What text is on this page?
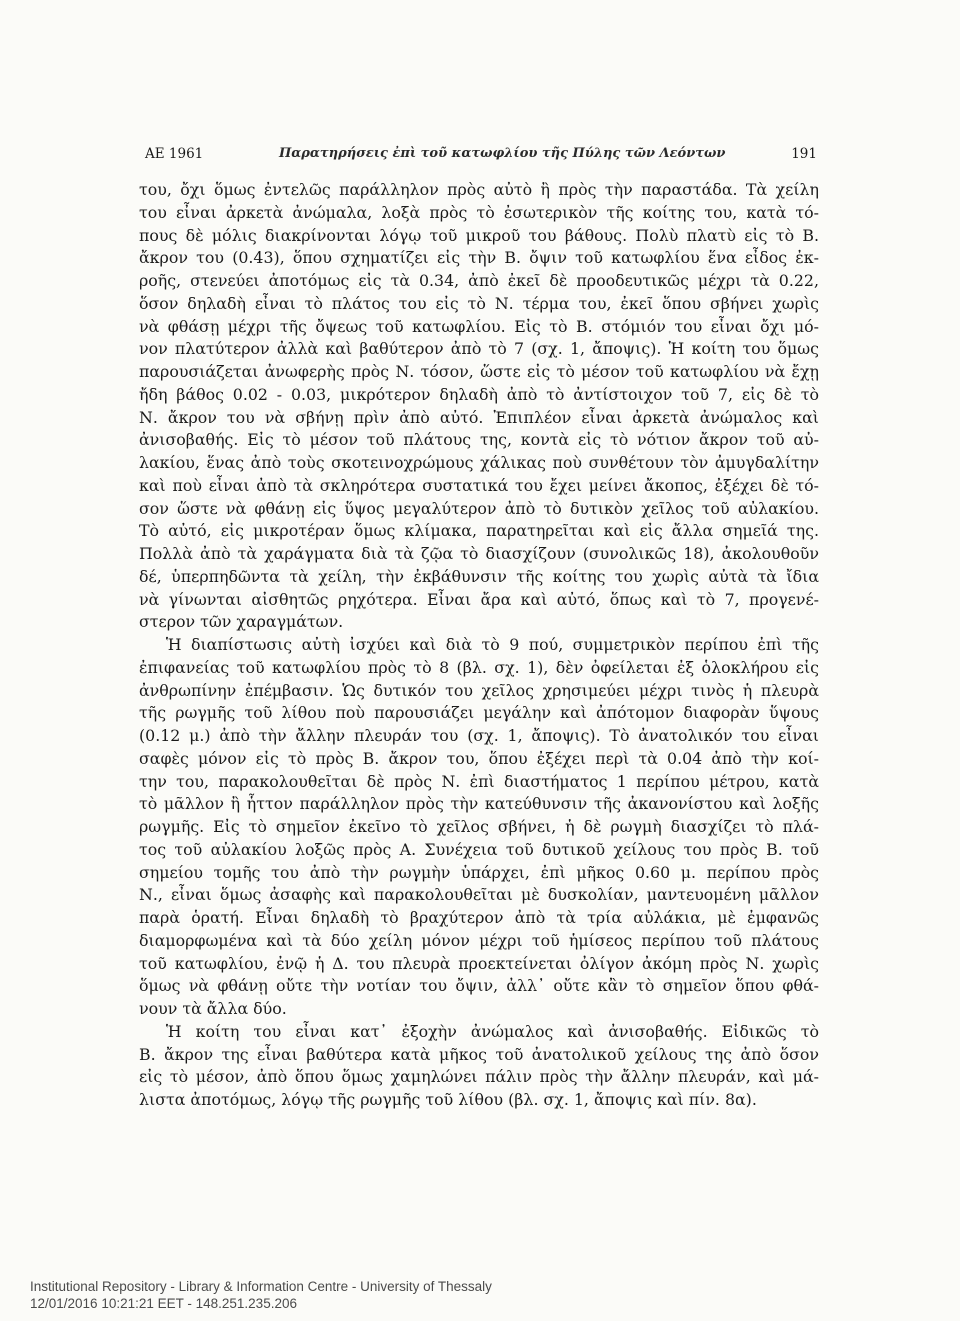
AE 1961	Παρατηρήσεις ἐπὶ τοῦ κατωφλίου τῆς Πύλης τῶν Λεόντων	191
του, ὄχι ὅμως ἐντελῶς παράλληλον πρὸς αὐτὸ ἢ πρὸς τὴν παραστάδα. Τὰ χείλη
του εἶναι ἀρκετὰ ἀνώμαλα, λοξὰ πρὸς τὸ ἐσωτερικὸν τῆς κοίτης του, κατὰ τό-
πους δὲ μόλις διακρίνονται λόγῳ τοῦ μικροῦ του βάθους. Πολὺ πλατὺ εἰς τὸ Β.
ἄκρον του (0.43), ὅπου σχηματίζει εἰς τὴν Β. ὄψιν τοῦ κατωφλίου ἕνα εἶδος ἐκ-
ροῆς, στενεύει ἀποτόμως εἰς τὰ 0.34, ἀπὸ ἐκεῖ δὲ προοδευτικῶς μέχρι τὰ 0.22,
ὅσον δηλαδὴ εἶναι τὸ πλάτος του εἰς τὸ Ν. τέρμα του, ἐκεῖ ὅπου σβήνει χωρὶς
νὰ φθάσῃ μέχρι τῆς ὄψεως τοῦ κατωφλίου. Εἰς τὸ Β. στόμιόν του εἶναι ὄχι μό-
νον πλατύτερον ἀλλὰ καὶ βαθύτερον ἀπὸ τὸ 7 (σχ. 1, ἄποψις). Ἡ κοίτη του ὅμως
παρουσιάζεται ἀνωφερὴς πρὸς Ν. τόσον, ὥστε εἰς τὸ μέσον τοῦ κατωφλίου νὰ ἔχῃ
ἤδη βάθος 0.02 - 0.03, μικρότερον δηλαδὴ ἀπὸ τὸ ἀντίστοιχον τοῦ 7, εἰς δὲ τὸ
Ν. ἄκρον του νὰ σβήνῃ πρὶν ἀπὸ αὐτό. Ἐπιπλέον εἶναι ἀρκετὰ ἀνώμαλος καὶ
ἀνισοβαθής. Εἰς τὸ μέσον τοῦ πλάτους της, κοντὰ εἰς τὸ νότιον ἄκρον τοῦ αὐ-
λακίου, ἕνας ἀπὸ τοὺς σκοτεινοχρώμους χάλικας ποὺ συνθέτουν τὸν ἀμυγδαλίτην
καὶ ποὺ εἶναι ἀπὸ τὰ σκληρότερα συστατικά του ἔχει μείνει ἄκοπος, ἐξέχει δὲ τό-
σον ὥστε νὰ φθάνῃ εἰς ὕψος μεγαλύτερον ἀπὸ τὸ δυτικὸν χεῖλος τοῦ αὐλακίου.
Τὸ αὐτό, εἰς μικροτέραν ὅμως κλίμακα, παρατηρεῖται καὶ εἰς ἄλλα σημεῖά της.
Πολλὰ ἀπὸ τὰ χαράγματα διὰ τὰ ζῷα τὸ διασχίζουν (συνολικῶς 18), ἀκολουθοῦν
δέ, ὑπερπηδῶντα τὰ χείλη, τὴν ἐκβάθυνσιν τῆς κοίτης του χωρὶς αὐτὰ τὰ ἴδια
νὰ γίνωνται αἰσθητῶς ρηχότερα. Εἶναι ἄρα καὶ αὐτό, ὅπως καὶ τὸ 7, προγενέ-
στερον τῶν χαραγμάτων.
Ἡ διαπίστωσις αὐτὴ ἰσχύει καὶ διὰ τὸ 9 πού, συμμετρικὸν περίπου ἐπὶ τῆς
ἐπιφανείας τοῦ κατωφλίου πρὸς τὸ 8 (βλ. σχ. 1), δὲν ὀφείλεται ἐξ ὁλοκλήρου εἰς
ἀνθρωπίνην ἐπέμβασιν. Ὡς δυτικόν του χεῖλος χρησιμεύει μέχρι τινὸς ἡ πλευρὰ
τῆς ρωγμῆς τοῦ λίθου ποὺ παρουσιάζει μεγάλην καὶ ἀπότομον διαφορὰν ὕψους
(0.12 μ.) ἀπὸ τὴν ἄλλην πλευράν του (σχ. 1, ἄποψις). Τὸ ἀνατολικόν του εἶναι
σαφὲς μόνον εἰς τὸ πρὸς Β. ἄκρον του, ὅπου ἐξέχει περὶ τὰ 0.04 ἀπὸ τὴν κοί-
την του, παρακολουθεῖται δὲ πρὸς Ν. ἐπὶ διαστήματος 1 περίπου μέτρου, κατὰ
τὸ μᾶλλον ἢ ἧττον παράλληλον πρὸς τὴν κατεύθυνσιν τῆς ἀκανονίστου καὶ λοξῆς
ρωγμῆς. Εἰς τὸ σημεῖον ἐκεῖνο τὸ χεῖλος σβήνει, ἡ δὲ ρωγμὴ διασχίζει τὸ πλά-
τος τοῦ αὐλακίου λοξῶς πρὸς Α. Συνέχεια τοῦ δυτικοῦ χείλους του πρὸς Β. τοῦ
σημείου τομῆς του ἀπὸ τὴν ρωγμὴν ὑπάρχει, ἐπὶ μῆκος 0.60 μ. περίπου πρὸς
Ν., εἶναι ὅμως ἀσαφὴς καὶ παρακολουθεῖται μὲ δυσκολίαν, μαντευομένη μᾶλλον
παρὰ ὁρατή. Εἶναι δηλαδὴ τὸ βραχύτερον ἀπὸ τὰ τρία αὐλάκια, μὲ ἐμφανῶς
διαμορφωμένα καὶ τὰ δύο χείλη μόνον μέχρι τοῦ ἡμίσεος περίπου τοῦ πλάτους
τοῦ κατωφλίου, ἐνῷ ἡ Δ. του πλευρὰ προεκτείνεται ὀλίγον ἀκόμη πρὸς Ν. χωρὶς
ὅμως νὰ φθάνῃ οὔτε τὴν νοτίαν του ὄψιν, ἀλλ᾿ οὔτε κἂν τὸ σημεῖον ὅπου φθά-
νουν τὰ ἄλλα δύο.
Ἡ κοίτη του εἶναι κατ᾿ ἐξοχὴν ἀνώμαλος καὶ ἀνισοβαθής. Εἰδικῶς τὸ
Β. ἄκρον της εἶναι βαθύτερα κατὰ μῆκος τοῦ ἀνατολικοῦ χείλους της ἀπὸ ὅσον
εἰς τὸ μέσον, ἀπὸ ὅπου ὅμως χαμηλώνει πάλιν πρὸς τὴν ἄλλην πλευράν, καὶ μά-
λιστα ἀποτόμως, λόγῳ τῆς ρωγμῆς τοῦ λίθου (βλ. σχ. 1, ἄποψις καὶ πίν. 8α).
Institutional Repository - Library & Information Centre - University of Thessaly
12/01/2016 10:21:21 EET - 148.251.235.206
